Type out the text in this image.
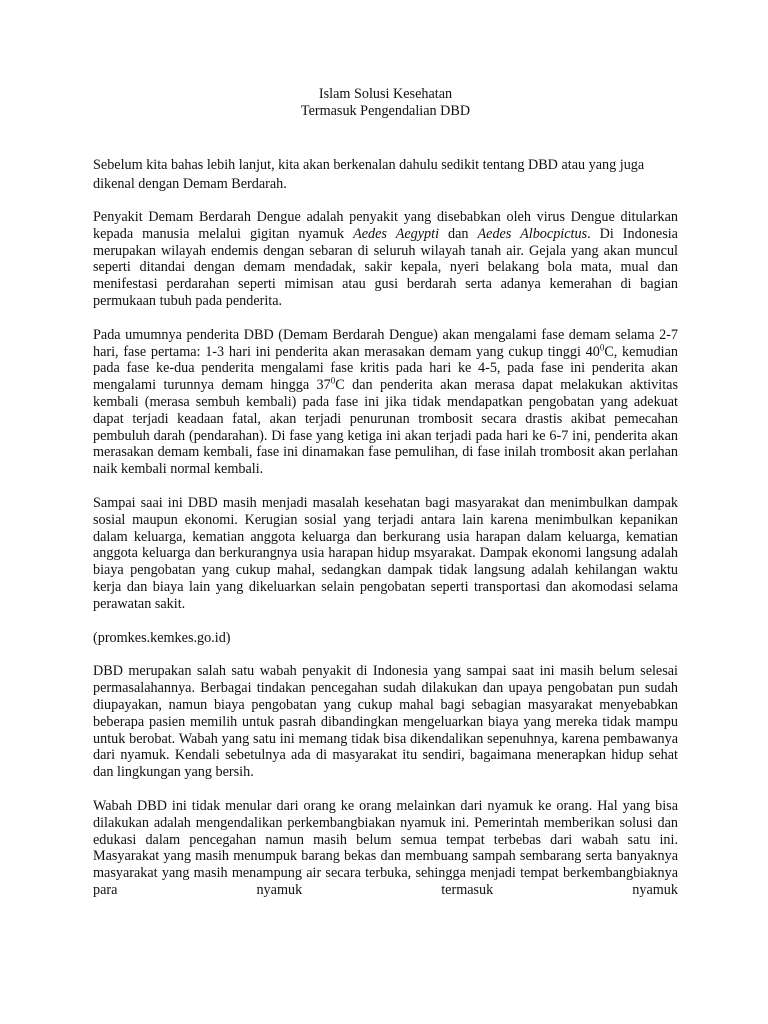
Islam Solusi Kesehatan
Termasuk Pengendalian DBD

Sebelum kita bahas lebih lanjut, kita akan berkenalan dahulu sedikit tentang DBD atau yang juga dikenal dengan Demam Berdarah.

Penyakit Demam Berdarah Dengue adalah penyakit yang disebabkan oleh virus Dengue ditularkan kepada manusia melalui gigitan nyamuk Aedes Aegypti dan Aedes Albocpictus. Di Indonesia merupakan wilayah endemis dengan sebaran di seluruh wilayah tanah air. Gejala yang akan muncul seperti ditandai dengan demam mendadak, sakir kepala, nyeri belakang bola mata, mual dan menifestasi perdarahan seperti mimisan atau gusi berdarah serta adanya kemerahan di bagian permukaan tubuh pada penderita.

Pada umumnya penderita DBD (Demam Berdarah Dengue) akan mengalami fase demam selama 2-7 hari, fase pertama: 1-3 hari ini penderita akan merasakan demam yang cukup tinggi $40^0C$, kemudian pada fase ke-dua penderita mengalami fase kritis pada hari ke 4-5, pada fase ini penderita akan mengalami turunnya demam hingga $37^0C$ dan penderita akan merasa dapat melakukan aktivitas kembali (merasa sembuh kembali) pada fase ini jika tidak mendapatkan pengobatan yang adekuat dapat terjadi keadaan fatal, akan terjadi penurunan trombosit secara drastis akibat pemecahan pembuluh darah (pendarahan). Di fase yang ketiga ini akan terjadi pada hari ke 6-7 ini, penderita akan merasakan demam kembali, fase ini dinamakan fase pemulihan, di fase inilah trombosit akan perlahan naik kembali normal kembali.

Sampai saai ini DBD masih menjadi masalah kesehatan bagi masyarakat dan menimbulkan dampak sosial maupun ekonomi. Kerugian sosial yang terjadi antara lain karena menimbulkan kepanikan dalam keluarga, kematian anggota keluarga dan berkurang usia harapan dalam keluarga, kematian anggota keluarga dan berkurangnya usia harapan hidup msyarakat. Dampak ekonomi langsung adalah biaya pengobatan yang cukup mahal, sedangkan dampak tidak langsung adalah kehilangan waktu kerja dan biaya lain yang dikeluarkan selain pengobatan seperti transportasi dan akomodasi selama perawatan sakit.

(promkes.kemkes.go.id)

DBD merupakan salah satu wabah penyakit di Indonesia yang sampai saat ini masih belum selesai permasalahannya. Berbagai tindakan pencegahan sudah dilakukan dan upaya pengobatan pun sudah diupayakan, namun biaya pengobatan yang cukup mahal bagi sebagian masyarakat menyebabkan beberapa pasien memilih untuk pasrah dibandingkan mengeluarkan biaya yang mereka tidak mampu untuk berobat. Wabah yang satu ini memang tidak bisa dikendalikan sepenuhnya, karena pembawanya dari nyamuk. Kendali sebetulnya ada di masyarakat itu sendiri, bagaimana menerapkan hidup sehat dan lingkungan yang bersih.

Wabah DBD ini tidak menular dari orang ke orang melainkan dari nyamuk ke orang. Hal yang bisa dilakukan adalah mengendalikan perkembangbiakan nyamuk ini. Pemerintah memberikan solusi dan edukasi dalam pencegahan namun masih belum semua tempat terbebas dari wabah satu ini. Masyarakat yang masih menumpuk barang bekas dan membuang sampah sembarang serta banyaknya masyarakat yang masih menampung air secara terbuka, sehingga menjadi tempat berkembangbiaknya para nyamuk termasuk nyamuk
